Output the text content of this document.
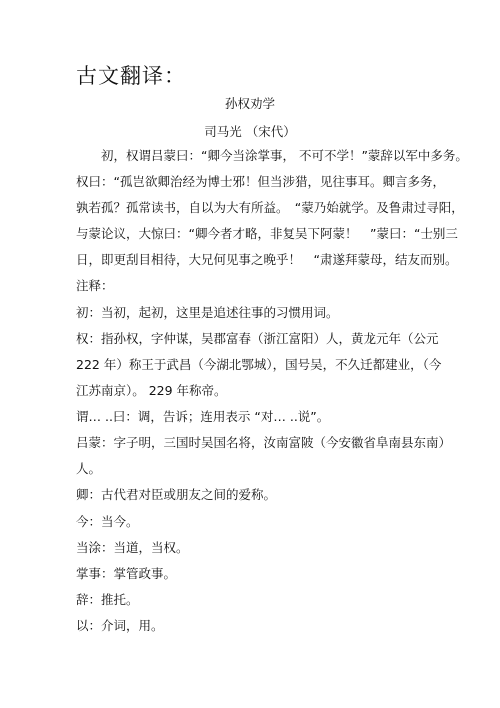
古文翻译：
孙权劝学
司马光 （宋代）
　　初，权谓吕蒙曰：“卿今当涂掌事， 不可不学！”蒙辞以军中多务。
权曰：“孤岂欲卿治经为博士邪！但当涉猎，见往事耳。卿言多务，
孰若孤？孤常读书，自以为大有所益。　“蒙乃始就学。及鲁肃过寻阳，
与蒙论议，大惊曰：“卿今者才略，非复吴下阿蒙！　”蒙曰：“士别三
日，即更刮目相待，大兄何见事之晚乎！　“肃遂拜蒙母，结友而别。
注释：
初：当初，起初，这里是追述往事的习惯用词。
权：指孙权，字仲谋，吴郡富春（浙江富阳）人，黄龙元年（公元
222 年）称王于武昌（今湖北鄂城），国号吴，不久迁都建业，（今
江苏南京）。 229 年称帝。
谓… ..曰：调，告诉；连用表示 “对… ..说”。
吕蒙：字子明，三国时吴国名将，汝南富陂（今安徽省阜南县东南）
人。
卿：古代君对臣或朋友之间的爱称。
今：当今。
当涂：当道，当权。
掌事：掌管政事。
辞：推托。
以：介词，用。
